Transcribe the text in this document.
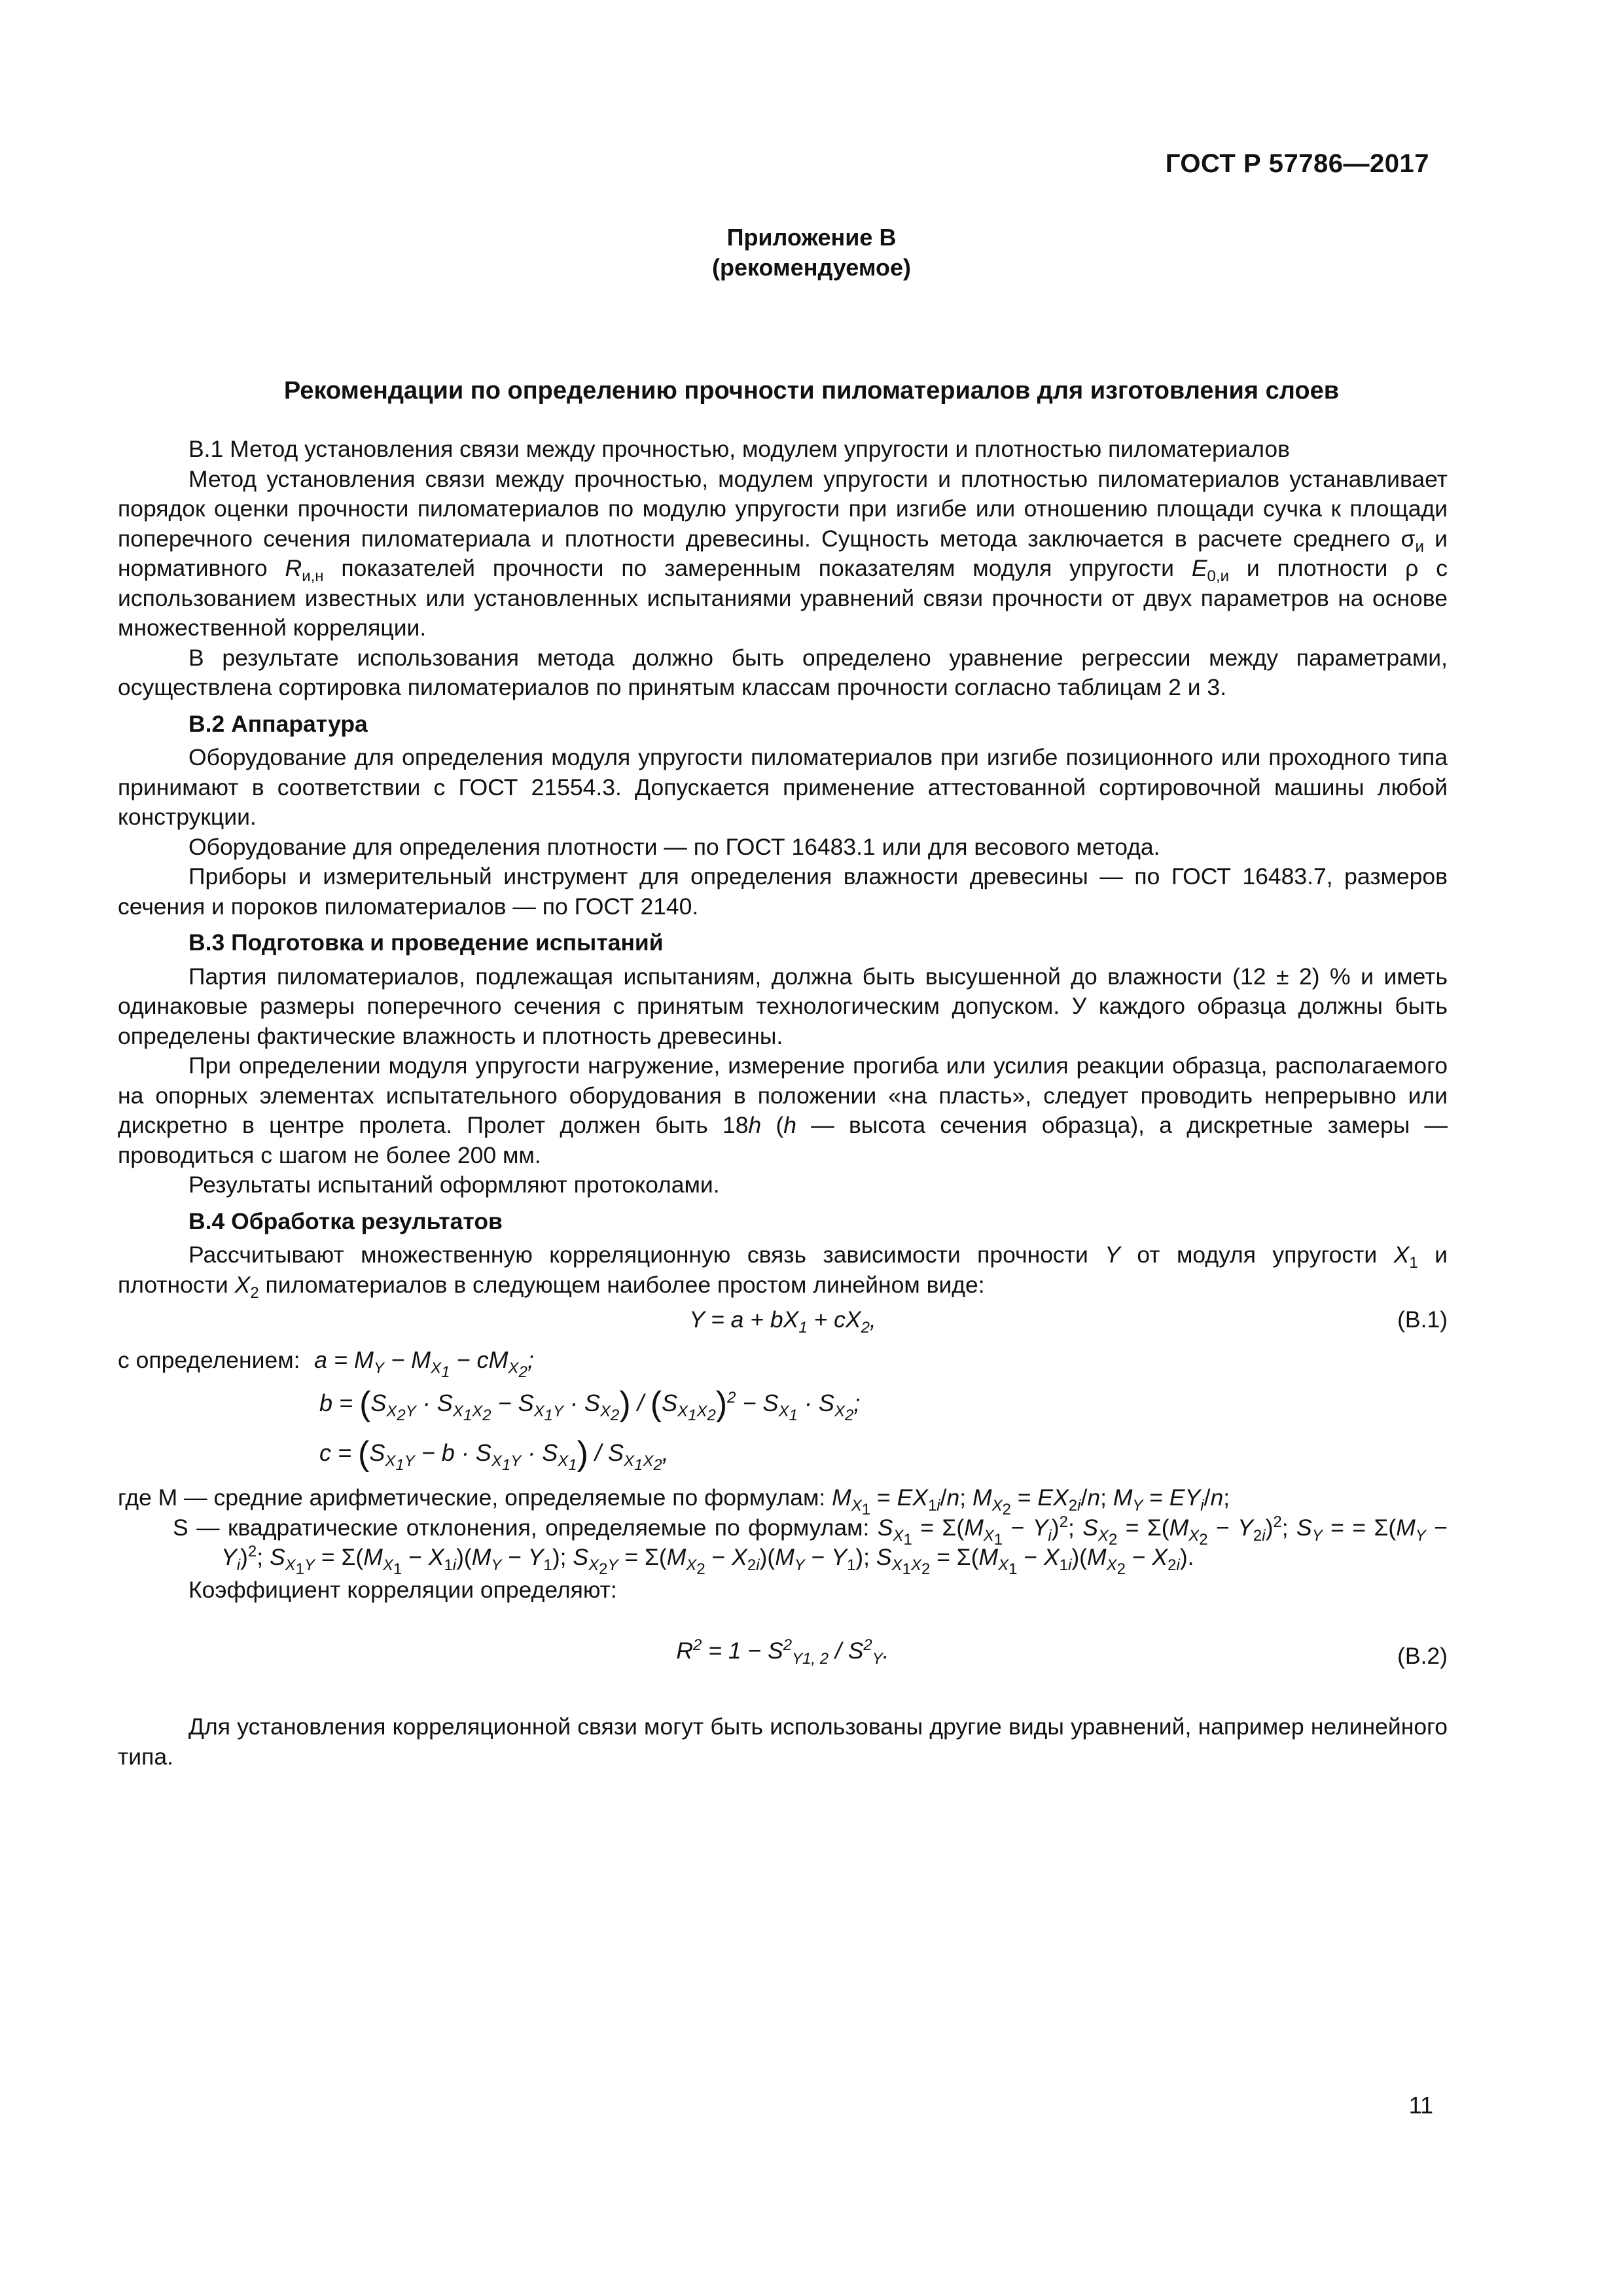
ГОСТ Р 57786—2017
Приложение В
(рекомендуемое)
Рекомендации по определению прочности пиломатериалов для изготовления слоев

В.1 Метод установления связи между прочностью, модулем упругости и плотностью пиломатериалов

Метод установления связи между прочностью, модулем упругости и плотностью пиломатериалов устанавливает порядок оценки прочности пиломатериалов по модулю упругости при изгибе или отношению площади сучка к площади поперечного сечения пиломатериала и плотности древесины. Сущность метода заключается в расчете среднего $\sigma_и$ и нормативного $R_{и,н}$ показателей прочности по замеренным показателям модуля упругости $E_{0,и}$ и плотности ρ с использованием известных или установленных испытаниями уравнений связи прочности от двух параметров на основе множественной корреляции.

В результате использования метода должно быть определено уравнение регрессии между параметрами, осуществлена сортировка пиломатериалов по принятым классам прочности согласно таблицам 2 и 3.

В.2 Аппаратура

Оборудование для определения модуля упругости пиломатериалов при изгибе позиционного или проходного типа принимают в соответствии с ГОСТ 21554.3. Допускается применение аттестованной сортировочной машины любой конструкции.

Оборудование для определения плотности — по ГОСТ 16483.1 или для весового метода.

Приборы и измерительный инструмент для определения влажности древесины — по ГОСТ 16483.7, размеров сечения и пороков пиломатериалов — по ГОСТ 2140.

В.3 Подготовка и проведение испытаний

Партия пиломатериалов, подлежащая испытаниям, должна быть высушенной до влажности (12 ± 2) % и иметь одинаковые размеры поперечного сечения с принятым технологическим допуском. У каждого образца должны быть определены фактические влажность и плотность древесины.

При определении модуля упругости нагружение, измерение прогиба или усилия реакции образца, располагаемого на опорных элементах испытательного оборудования в положении «на пласть», следует проводить непрерывно или дискретно в центре пролета. Пролет должен быть 18h (h — высота сечения образца), а дискретные замеры — проводиться с шагом не более 200 мм.

Результаты испытаний оформляют протоколами.

В.4 Обработка результатов

Рассчитывают множественную корреляционную связь зависимости прочности Y от модуля упругости $X_1$ и плотности $X_2$ пиломатериалов в следующем наиболее простом линейном виде:

$Y = a + bX_1 + cX_2$,	(В.1)
с определением: $a = M_Y - M_{X_1} - cM_{X_2}$;
$b = (S_{X_2Y} \cdot S_{X_1X_2} - S_{X_1Y} \cdot S_{X_2}) / (S_{X_1X_2})^2 - S_{X_1} \cdot S_{X_2}$;
$c = (S_{X_1Y} - b \cdot S_{X_1Y} \cdot S_{X_1}) / S_{X_1X_2}$,

где M — средние арифметические, определяемые по формулам: $M_{X_1} = EX_{1i}/n$; $M_{X_2} = EX_{2i}/n$; $M_Y = EY_i/n$;

S — квадратические отклонения, определяемые по формулам: $S_{X_1} = \Sigma(M_{X_1} - Y_i)^2$; $S_{X_2} = \Sigma(M_{X_2} - Y_{2i})^2$; $S_Y$ = = $\Sigma(M_Y - Y_i)^2$; $S_{X_1Y} = \Sigma(M_{X_1} - X_{1i})(M_Y - Y_1)$; $S_{X_2Y} = \Sigma(M_{X_2} - X_{2i})(M_Y - Y_1)$; $S_{X_1X_2} = \Sigma(M_{X_1} - X_{1i})(M_{X_2} - X_{2i})$.

Коэффициент корреляции определяют:

$R^2 = 1 - S^2_{Y1, 2} / S^2_Y$.	(В.2)

Для установления корреляционной связи могут быть использованы другие виды уравнений, например нелинейного типа.

11
